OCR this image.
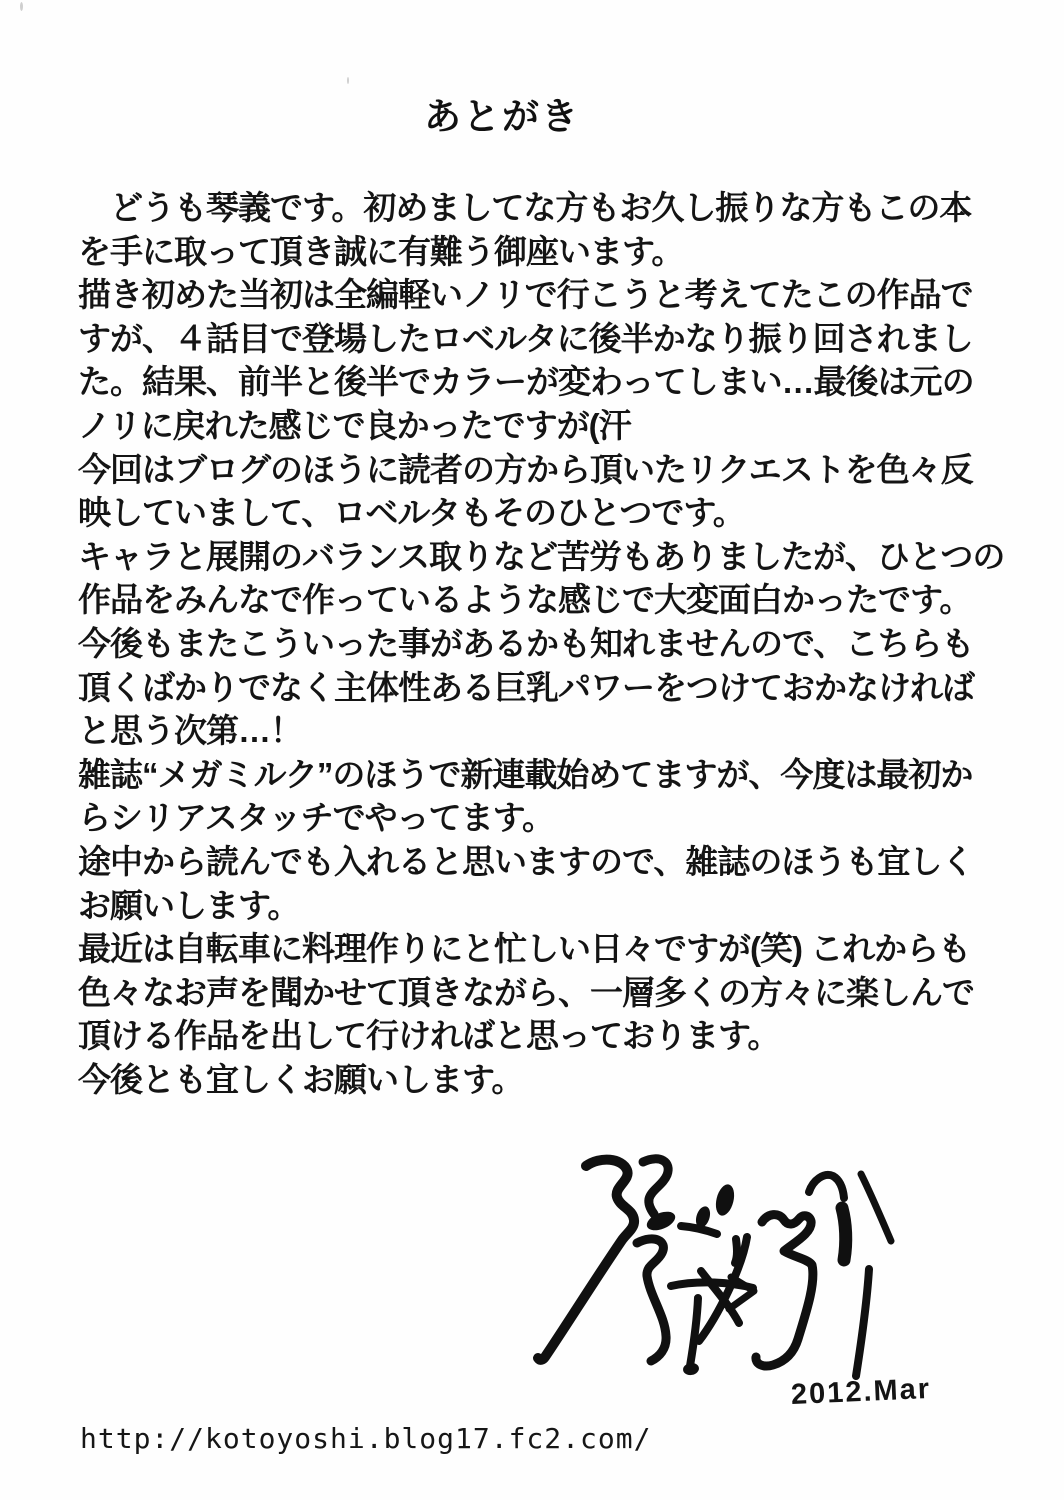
あとがき
　どうも琴義です。初めましてな方もお久し振りな方もこの本
を手に取って頂き誠に有難う御座います。
描き初めた当初は全編軽いノリで行こうと考えてたこの作品で
すが、４話目で登場したロベルタに後半かなり振り回されまし
た。結果、前半と後半でカラーが変わってしまい…最後は元の
ノリに戻れた感じで良かったですが(汗
今回はブログのほうに読者の方から頂いたリクエストを色々反
映していまして、ロベルタもそのひとつです。
キャラと展開のバランス取りなど苦労もありましたが、ひとつの
作品をみんなで作っているような感じで大変面白かったです。
今後もまたこういった事があるかも知れませんので、こちらも
頂くばかりでなく主体性ある巨乳パワーをつけておかなければ
と思う次第…！
雑誌“メガミルク”のほうで新連載始めてますが、今度は最初か
らシリアスタッチでやってます。
途中から読んでも入れると思いますので、雑誌のほうも宜しく
お願いします。
最近は自転車に料理作りにと忙しい日々ですが(笑) これからも
色々なお声を聞かせて頂きながら、一層多くの方々に楽しんで
頂ける作品を出して行ければと思っております。
今後とも宜しくお願いします。
2012.Mar
http://kotoyoshi.blog17.fc2.com/
